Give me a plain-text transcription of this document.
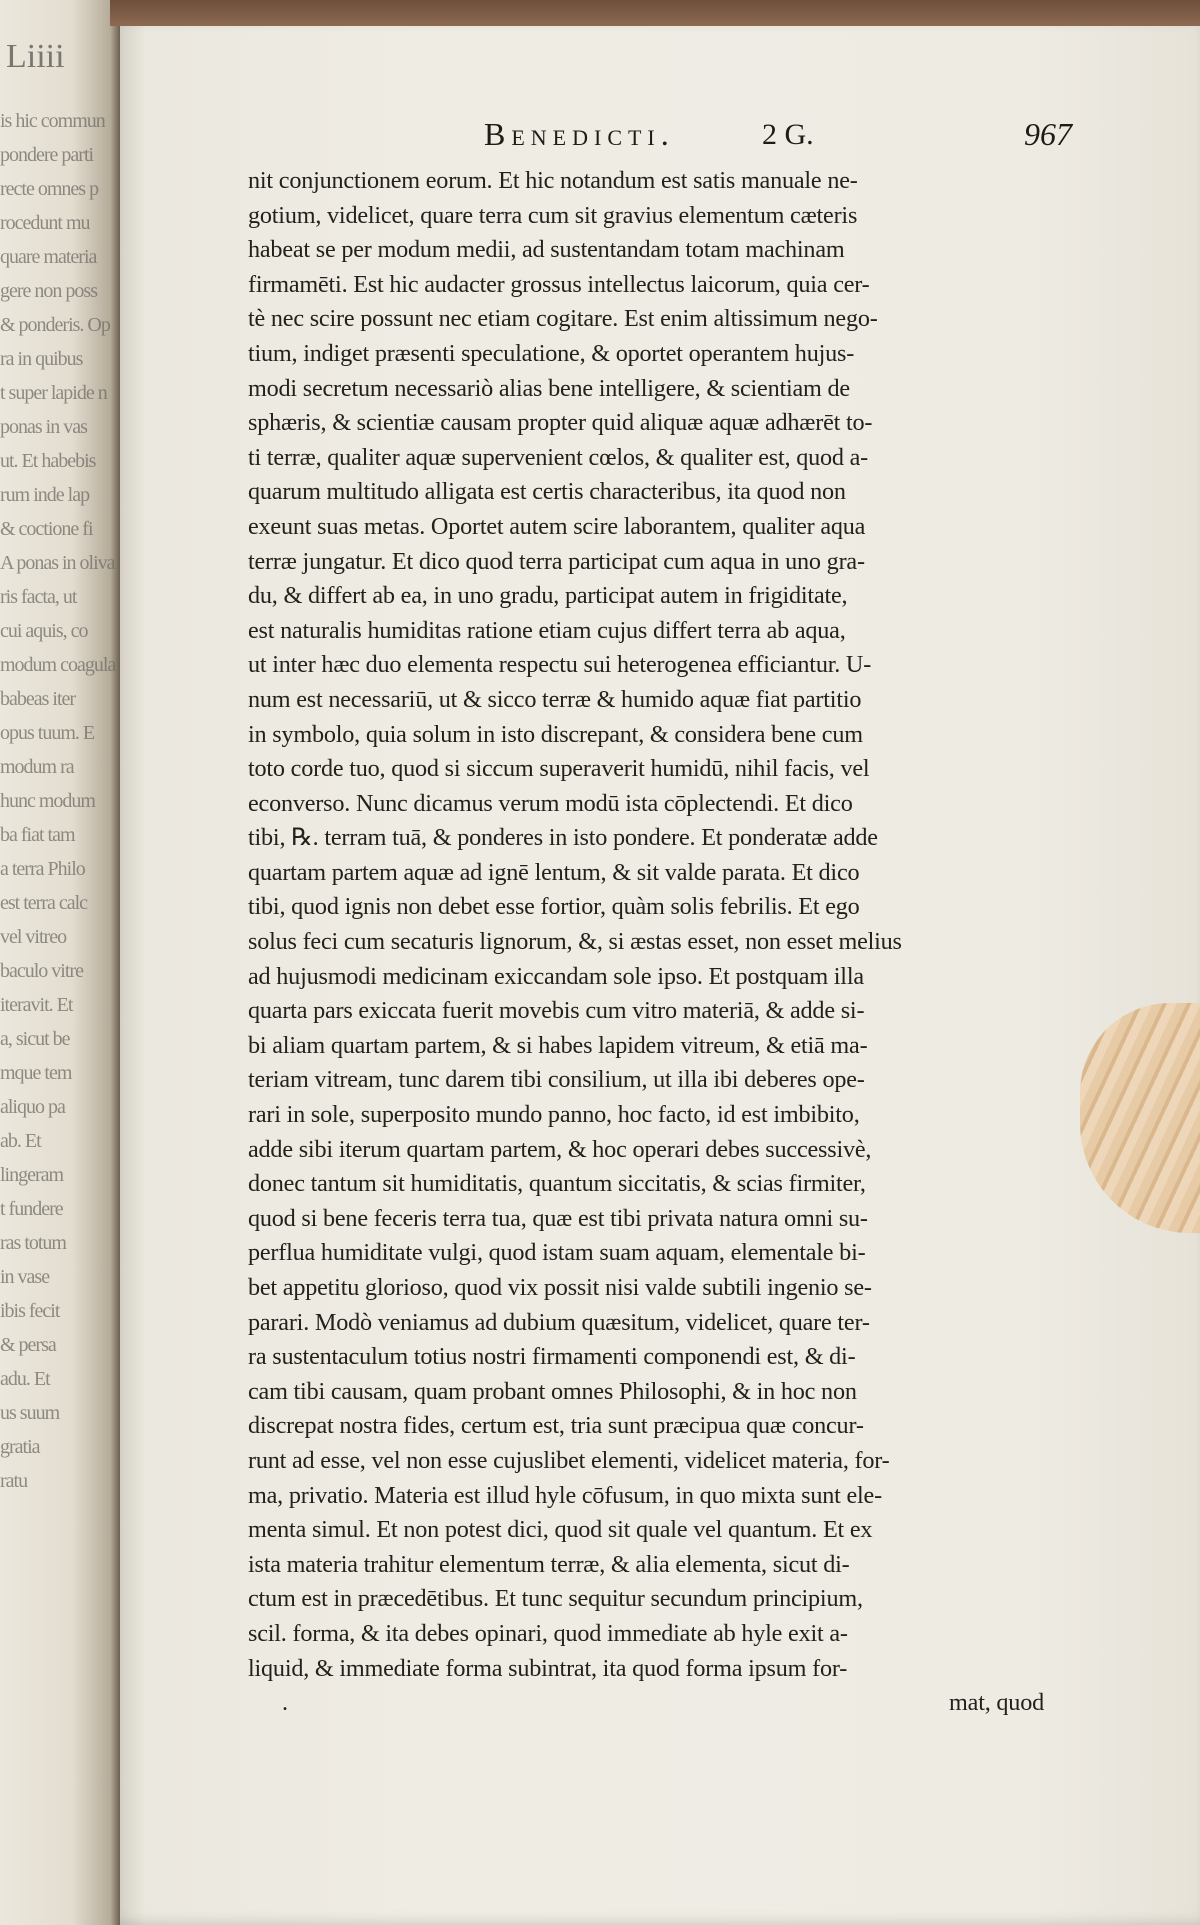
Benedicti.	2 G.	967
nit conjunctionem eorum. Et hic notandum est satis manuale ne-
gotium, videlicet, quare terra cum sit gravius elementum cæteris
habeat se per modum medii, ad sustentandam totam machinam
firmamēti. Est hic audacter grossus intellectus laicorum, quia cer-
tè nec scire possunt nec etiam cogitare. Est enim altissimum nego-
tium, indiget præsenti speculatione, & oportet operantem hujus-
modi secretum necessariò alias bene intelligere, & scientiam de
sphæris, & scientiæ causam propter quid aliquæ aquæ adhærēt to-
ti terræ, qualiter aquæ supervenient cœlos, & qualiter est, quod a-
quarum multitudo alligata est certis characteribus, ita quod non
exeunt suas metas. Oportet autem scire laborantem, qualiter aqua
terræ jungatur. Et dico quod terra participat cum aqua in uno gra-
du, & differt ab ea, in uno gradu, participat autem in frigiditate,
est naturalis humiditas ratione etiam cujus differt terra ab aqua,
ut inter hæc duo elementa respectu sui heterogenea efficiantur. U-
num est necessariū, ut & sicco terræ & humido aquæ fiat partitio
in symbolo, quia solum in isto discrepant, & considera bene cum
toto corde tuo, quod si siccum superaverit humidū, nihil facis, vel
econverso. Nunc dicamus verum modū ista cōplectendi. Et dico
tibi, ℞. terram tuā, & ponderes in isto pondere. Et ponderatæ adde
quartam partem aquæ ad ignē lentum, & sit valde parata. Et dico
tibi, quod ignis non debet esse fortior, quàm solis febrilis. Et ego
solus feci cum secaturis lignorum, &, si æstas esset, non esset melius
ad hujusmodi medicinam exiccandam sole ipso. Et postquam illa
quarta pars exiccata fuerit movebis cum vitro materiā, & adde si-
bi aliam quartam partem, & si habes lapidem vitreum, & etiā ma-
teriam vitream, tunc darem tibi consilium, ut illa ibi deberes ope-
rari in sole, superposito mundo panno, hoc facto, id est imbibito,
adde sibi iterum quartam partem, & hoc operari debes successivè,
donec tantum sit humiditatis, quantum siccitatis, & scias firmiter,
quod si bene feceris terra tua, quæ est tibi privata natura omni su-
perflua humiditate vulgi, quod istam suam aquam, elementale bi-
bet appetitu glorioso, quod vix possit nisi valde subtili ingenio se-
parari. Modò veniamus ad dubium quæsitum, videlicet, quare ter-
ra sustentaculum totius nostri firmamenti componendi est, & di-
cam tibi causam, quam probant omnes Philosophi, & in hoc non
discrepat nostra fides, certum est, tria sunt præcipua quæ concur-
runt ad esse, vel non esse cujuslibet elementi, videlicet materia, for-
ma, privatio. Materia est illud hyle cōfusum, in quo mixta sunt ele-
menta simul. Et non potest dici, quod sit quale vel quantum. Et ex
ista materia trahitur elementum terræ, & alia elementa, sicut di-
ctum est in præcedētibus. Et tunc sequitur secundum principium,
scil. forma, & ita debes opinari, quod immediate ab hyle exit a-
liquid, & immediate forma subintrat, ita quod forma ipsum for-
.	mat, quod
Liiii
is hic commun
pondere parti
recte omnes p
rocedunt mu
quare materia
gere non poss
& ponderis. Op
ra in quibus
t super lapide n
ponas in vas
ut. Et habebis
rum inde lap
& coctione fi
A ponas in oliva
ris facta, ut
cui aquis, co
modum coagula
babeas iter
opus tuum. E
modum ra
hunc modum
ba fiat tam
a terra Philo
est terra calc
vel vitreo
baculo vitre
iteravit. Et
a, sicut be
mque tem
aliquo pa
ab. Et
lingeram
t fundere
ras totum
in vase
ibis fecit
& persa
adu. Et
us suum
gratia
ratu
